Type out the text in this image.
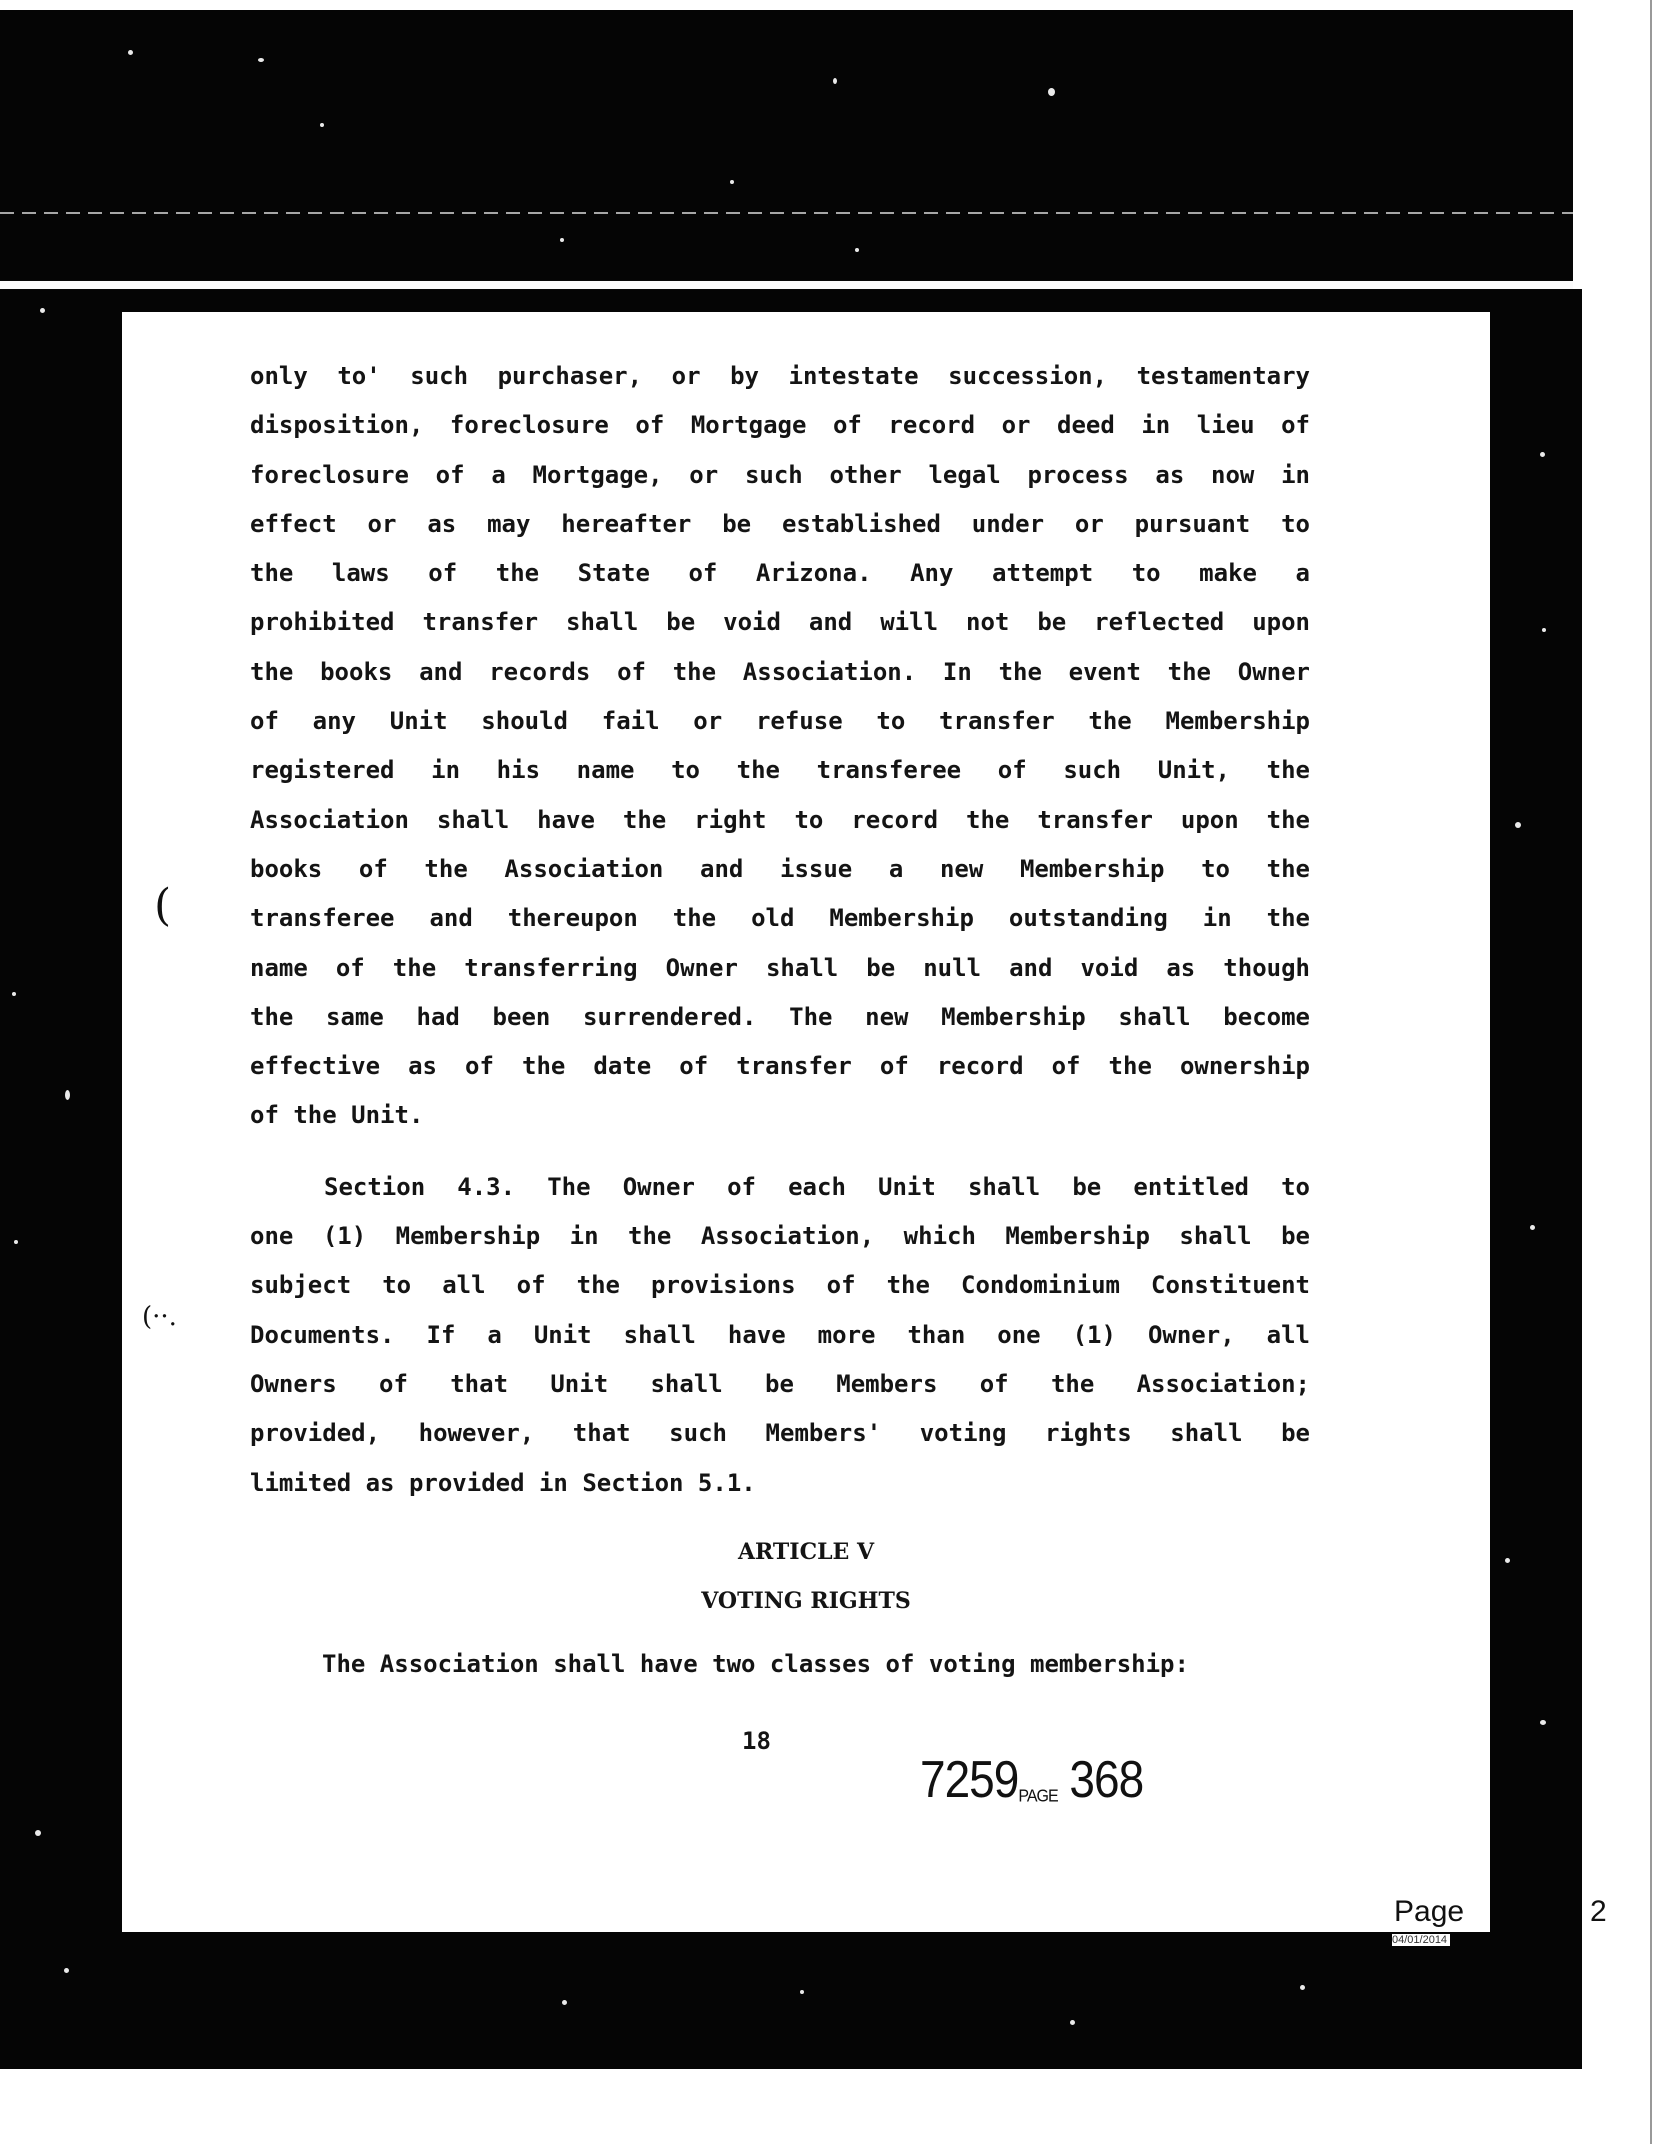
only to' such purchaser, or by intestate succession, testamentary
disposition, foreclosure of Mortgage of record or deed in lieu of
foreclosure of a Mortgage, or such other legal process as now in
effect or as may hereafter be established under or pursuant to
the laws of the State of Arizona. Any attempt to make a
prohibited transfer shall be void and will not be reflected upon
the books and records of the Association. In the event the Owner
of any Unit should fail or refuse to transfer the Membership
registered in his name to the transferee of such Unit, the
Association shall have the right to record the transfer upon the
books of the Association and issue a new Membership to the
transferee and thereupon the old Membership outstanding in the
name of the transferring Owner shall be null and void as though
the same had been surrendered. The new Membership shall become
effective as of the date of transfer of record of the ownership
of the Unit.
Section 4.3. The Owner of each Unit shall be entitled to
one (1) Membership in the Association, which Membership shall be
subject to all of the provisions of the Condominium Constituent
Documents. If a Unit shall have more than one (1) Owner, all
Owners of that Unit shall be Members of the Association;
provided, however, that such Members' voting rights shall be
limited as provided in Section 5.1.
ARTICLE V
VOTING RIGHTS
The Association shall have two classes of voting membership:
18
7259PAGE 368
(
(··.
Page	2
04/01/2014
